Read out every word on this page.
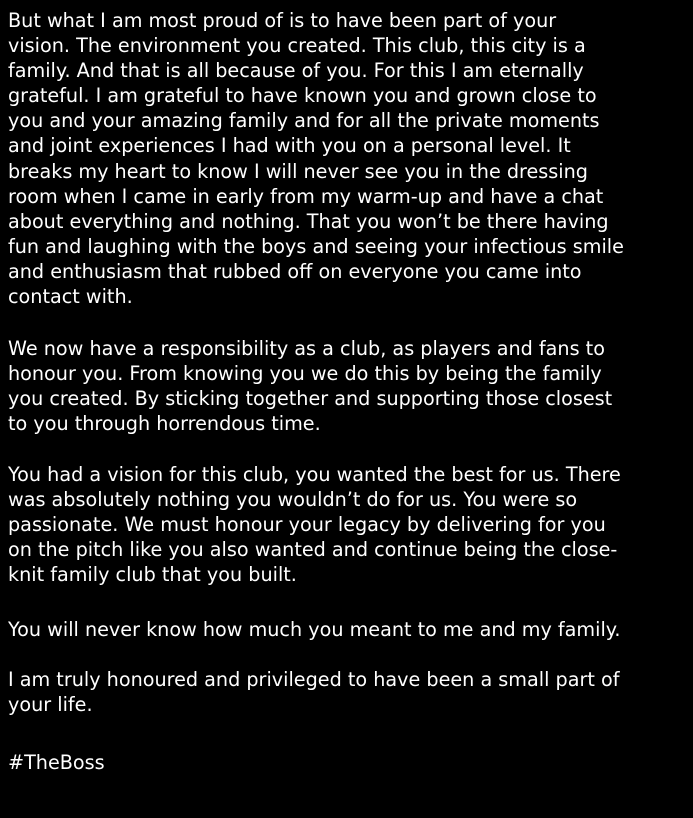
But what I am most proud of is to have been part of your
vision. The environment you created. This club, this city is a
family. And that is all because of you. For this I am eternally
grateful. I am grateful to have known you and grown close to
you and your amazing family and for all the private moments
and joint experiences I had with you on a personal level. It
breaks my heart to know I will never see you in the dressing
room when I came in early from my warm-up and have a chat
about everything and nothing. That you won’t be there having
fun and laughing with the boys and seeing your infectious smile
and enthusiasm that rubbed off on everyone you came into
contact with.

We now have a responsibility as a club, as players and fans to
honour you. From knowing you we do this by being the family
you created. By sticking together and supporting those closest
to you through horrendous time.

You had a vision for this club, you wanted the best for us. There
was absolutely nothing you wouldn’t do for us. You were so
passionate. We must honour your legacy by delivering for you
on the pitch like you also wanted and continue being the close-
knit family club that you built.

You will never know how much you meant to me and my family.

I am truly honoured and privileged to have been a small part of
your life.

#TheBoss
